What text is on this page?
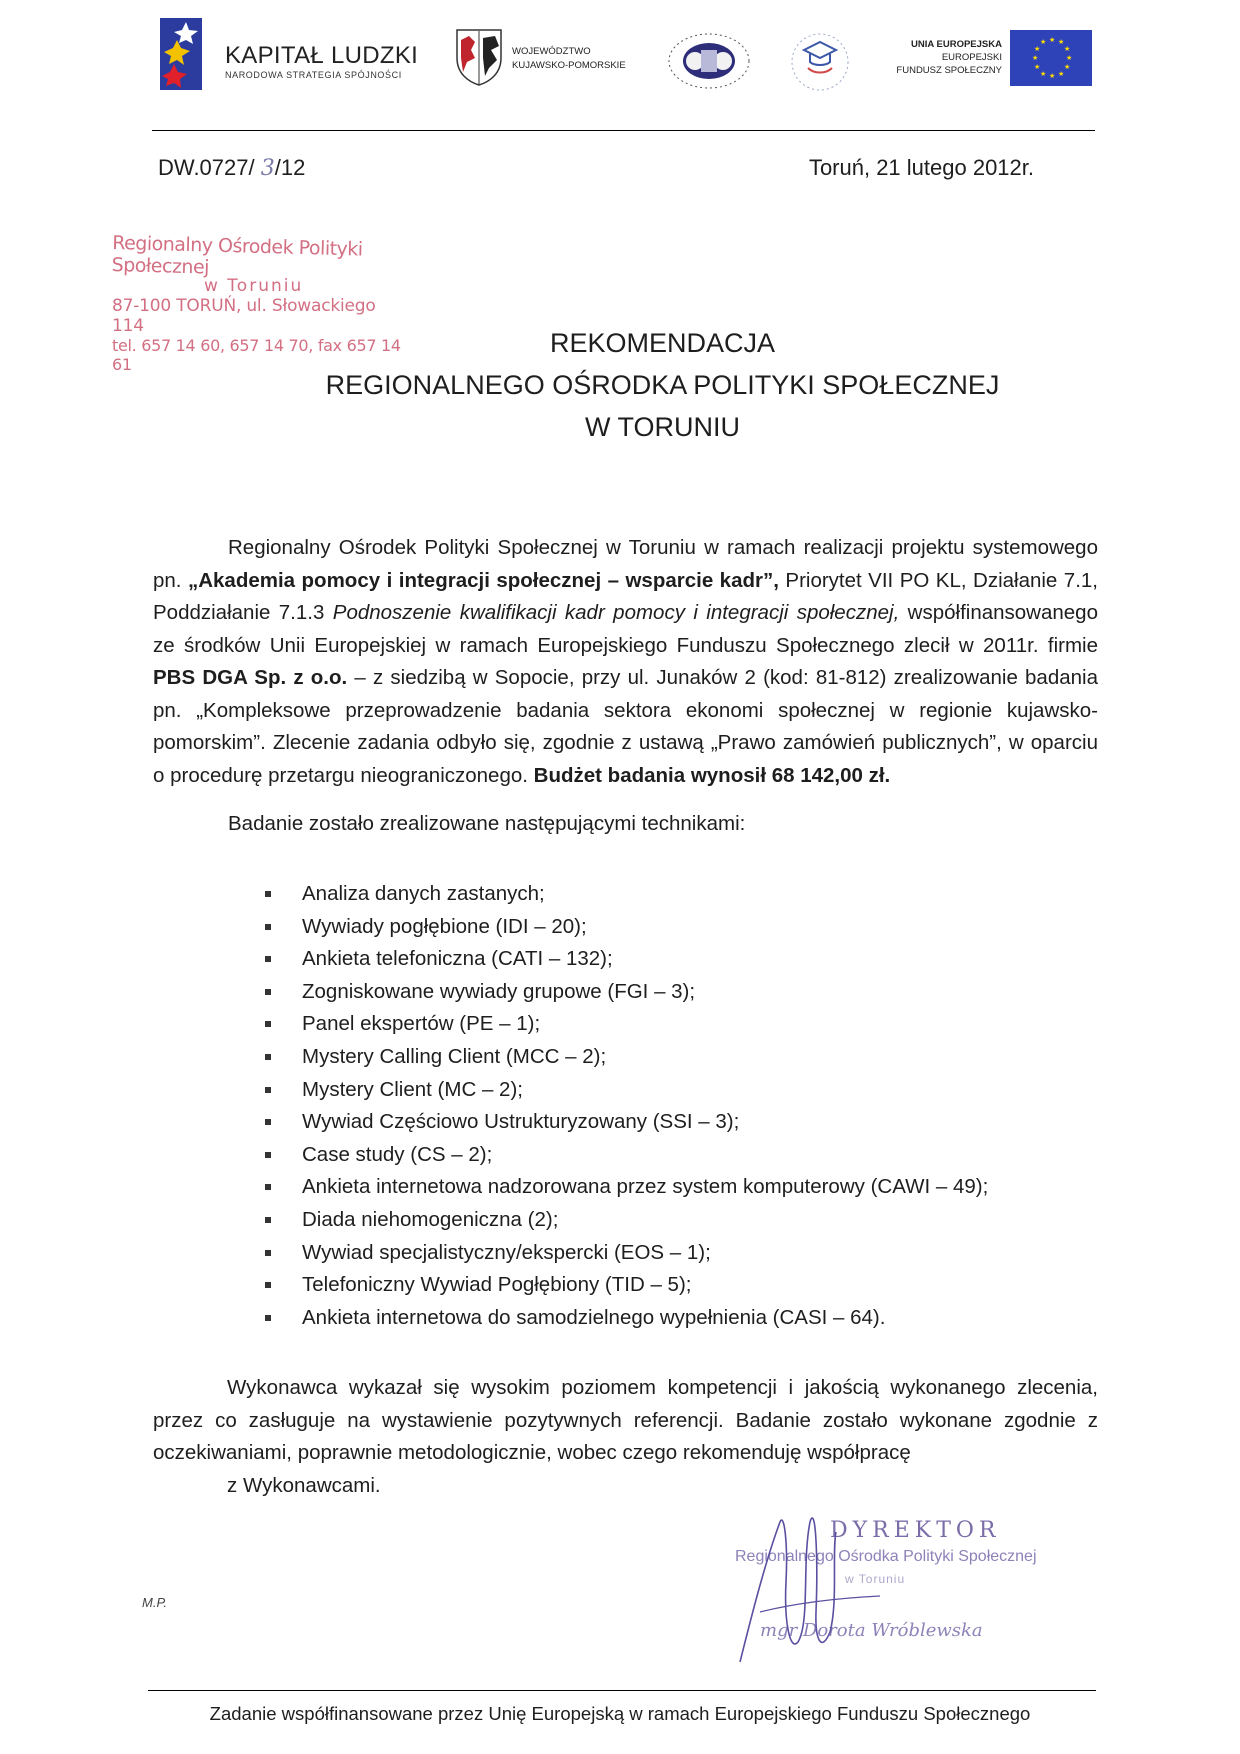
KAPITAŁ LUDZKI
NARODOWA STRATEGIA SPÓJNOŚCI
WOJEWÓDZTWO
KUJAWSKO-POMORSKIE
UNIA EUROPEJSKA
EUROPEJSKI
FUNDUSZ SPOŁECZNY
★ ★
★
★
★
★
★
★
★
★
★
★
DW.0727/ 3/12	Toruń, 21 lutego 2012r.
Regionalny Ośrodek Polityki Społecznej
w Toruniu
87-100 TORUŃ, ul. Słowackiego 114
tel. 657 14 60, 657 14 70, fax 657 14 61
REKOMENDACJA
REGIONALNEGO OŚRODKA POLITYKI SPOŁECZNEJ
W TORUNIU
Regionalny Ośrodek Polityki Społecznej w Toruniu w ramach realizacji projektu systemowego pn. „Akademia pomocy i integracji społecznej – wsparcie kadr”, Priorytet VII PO KL, Działanie 7.1, Poddziałanie 7.1.3 Podnoszenie kwalifikacji kadr pomocy i integracji społecznej, współfinansowanego ze środków Unii Europejskiej w ramach Europejskiego Funduszu Społecznego zlecił w 2011r. firmie PBS DGA Sp. z o.o. – z siedzibą w Sopocie, przy ul. Junaków 2 (kod: 81-812) zrealizowanie badania pn. „Kompleksowe przeprowadzenie badania sektora ekonomi społecznej w regionie kujawsko-pomorskim”. Zlecenie zadania odbyło się, zgodnie z ustawą „Prawo zamówień publicznych”, w oparciu o procedurę przetargu nieograniczonego. Budżet badania wynosił 68 142,00 zł.
Badanie zostało zrealizowane następującymi technikami:
Analiza danych zastanych;
Wywiady pogłębione (IDI – 20);
Ankieta telefoniczna (CATI – 132);
Zogniskowane wywiady grupowe (FGI – 3);
Panel ekspertów (PE – 1);
Mystery Calling Client (MCC – 2);
Mystery Client (MC – 2);
Wywiad Częściowo Ustrukturyzowany (SSI – 3);
Case study (CS – 2);
Ankieta internetowa nadzorowana przez system komputerowy (CAWI – 49);
Diada niehomogeniczna (2);
Wywiad specjalistyczny/ekspercki (EOS – 1);
Telefoniczny Wywiad Pogłębiony (TID – 5);
Ankieta internetowa do samodzielnego wypełnienia (CASI – 64).
Wykonawca wykazał się wysokim poziomem kompetencji i jakością wykonanego zlecenia, przez co zasługuje na wystawienie pozytywnych referencji. Badanie zostało wykonane zgodnie z oczekiwaniami, poprawnie metodologicznie, wobec czego rekomenduję współpracę
z Wykonawcami.
M.P.
DYREKTOR
Regionalnego Ośrodka Polityki Społecznej
w Toruniu
mgr Dorota Wróblewska
Zadanie współfinansowane przez Unię Europejską w ramach Europejskiego Funduszu Społecznego
